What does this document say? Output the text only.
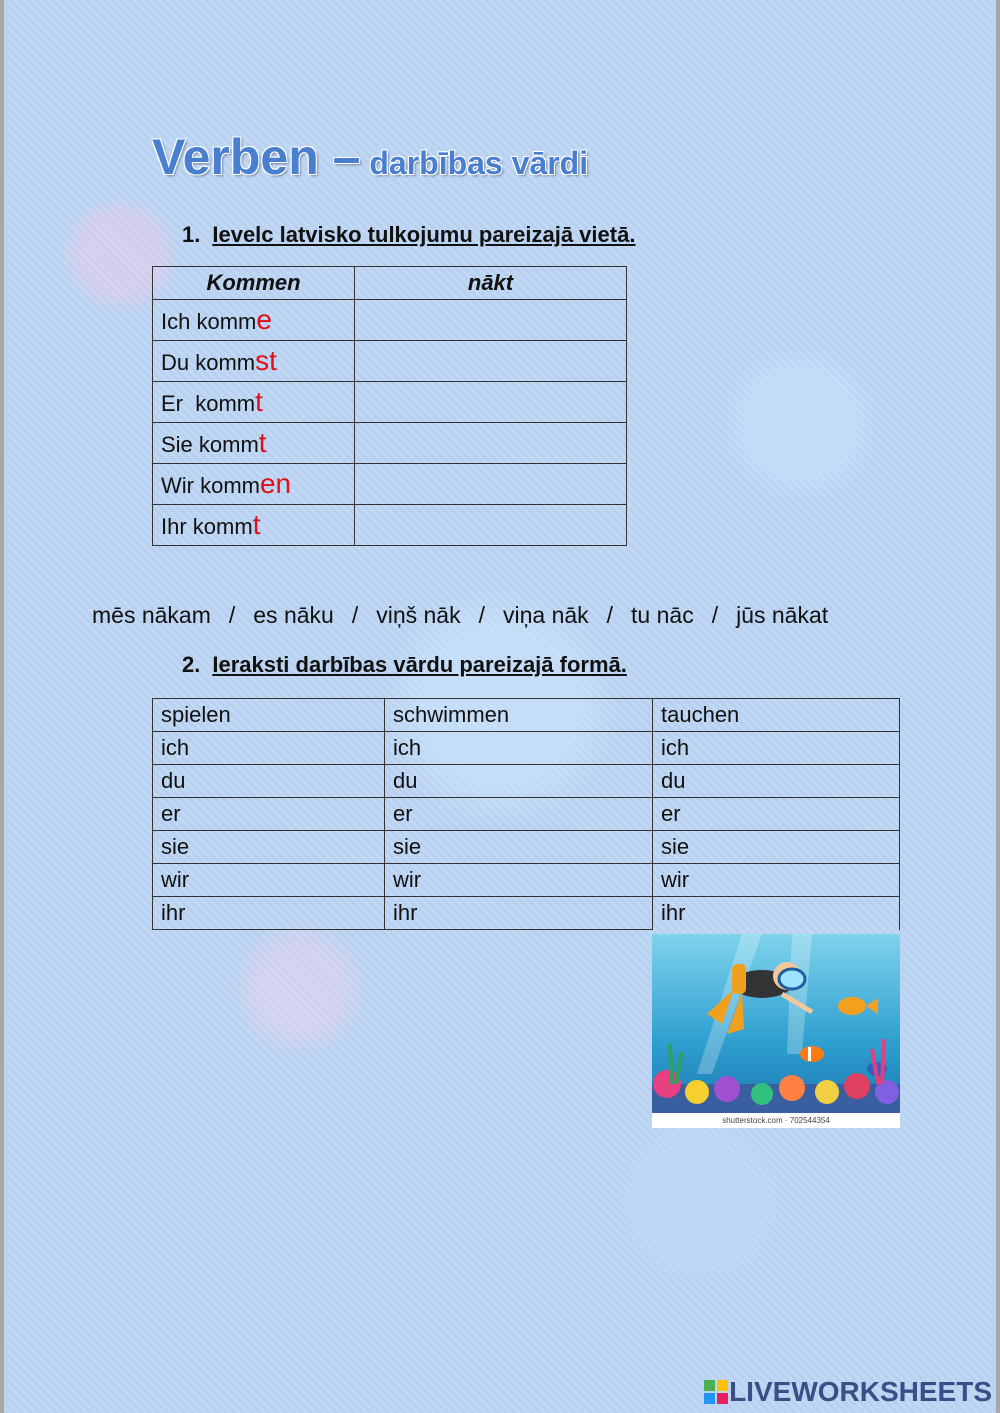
Verben – darbības vārdi

1. Ievelc latvisko tulkojumu pareizajā vietā.

Kommen	nākt
Ich komme	
Du kommst	
Er  kommt	
Sie kommt	
Wir kommen	
Ihr kommt	
mēs nākam / es nāku / viņš nāk / viņa nāk / tu nāc / jūs nākat

2. Ieraksti darbības vārdu pareizajā formā.

spielen	schwimmen	tauchen
ich	ich	ich
du	du	du
er	er	er
sie	sie	sie
wir	wir	wir
ihr	ihr	ihr
shutterstock.com · 702544354
LIVEWORKSHEETS
